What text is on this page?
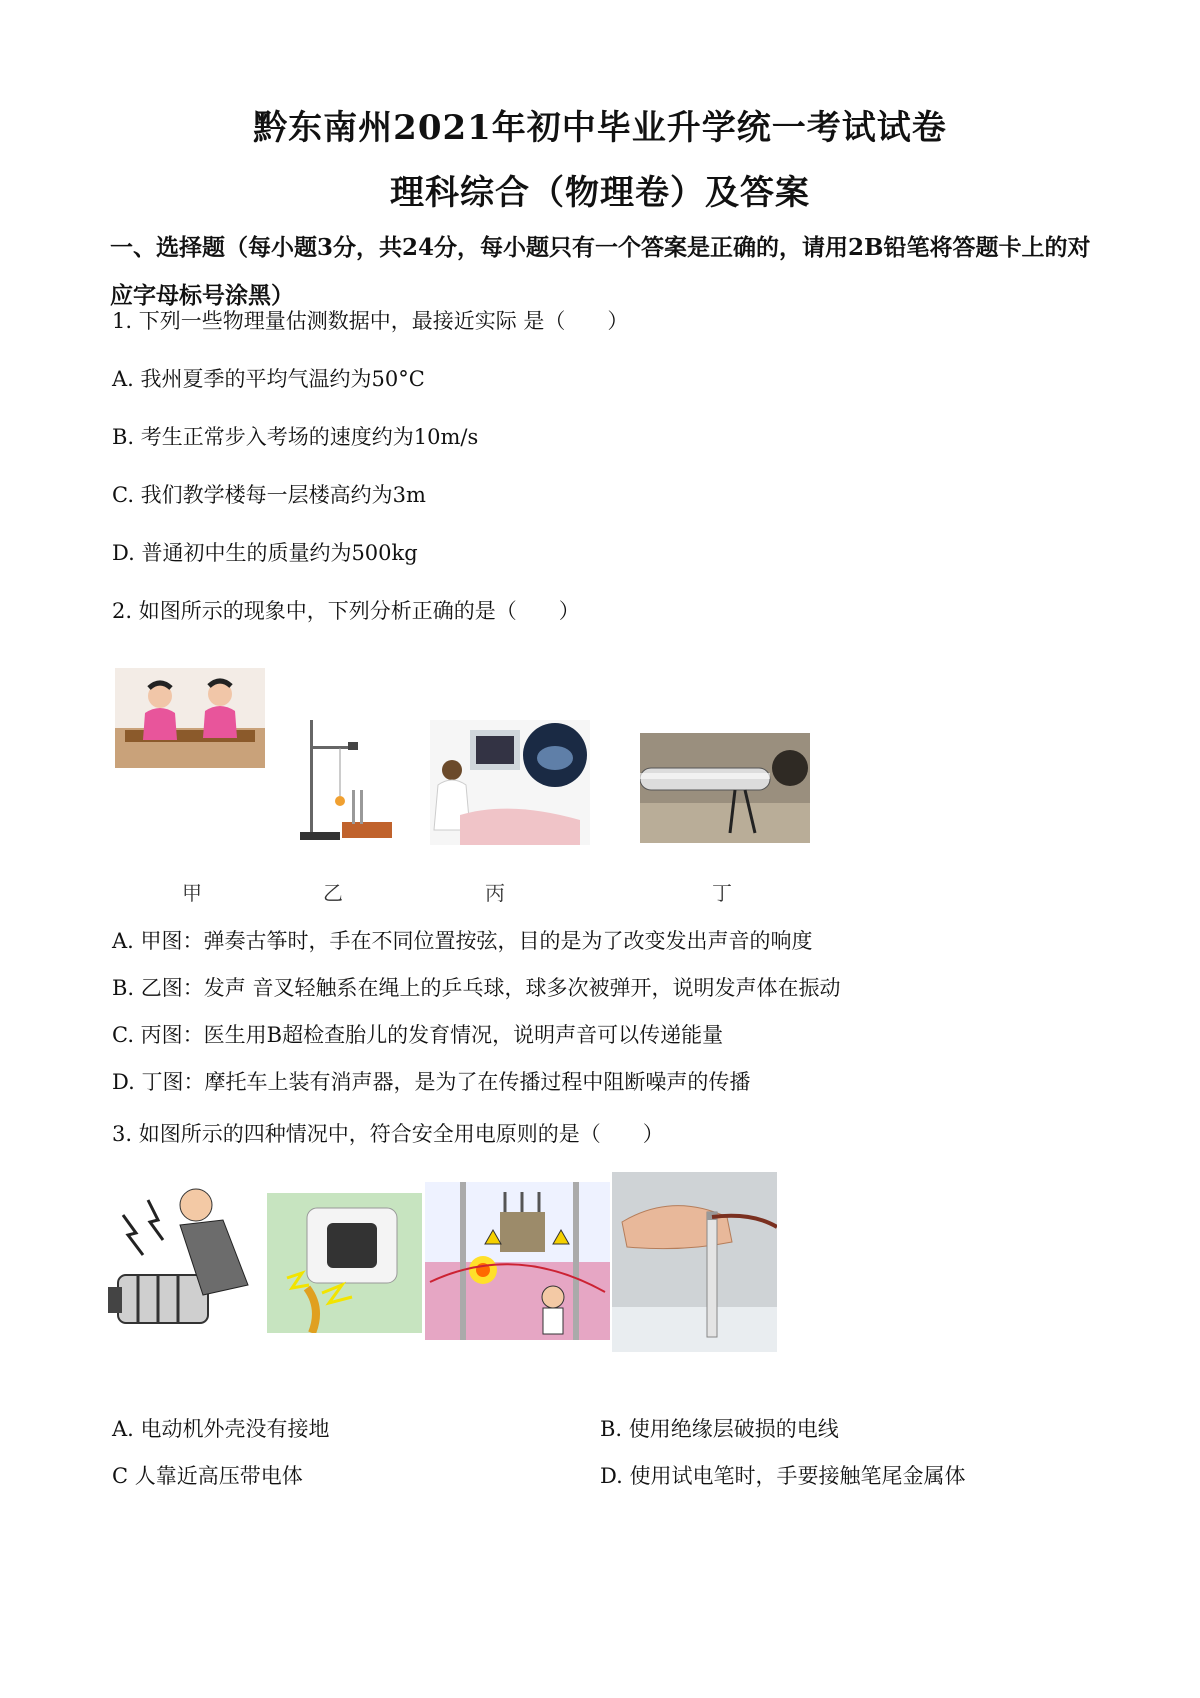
黔东南州2021年初中毕业升学统一考试试卷
理科综合（物理卷）及答案
一、选择题（每小题3分，共24分，每小题只有一个答案是正确的，请用2B铅笔将答题卡上的对应字母标号涂黑）
1. 下列一些物理量估测数据中，最接近实际 是（　　）
A. 我州夏季的平均气温约为50°C
B. 考生正常步入考场的速度约为10m/s
C. 我们教学楼每一层楼高约为3m
D. 普通初中生的质量约为500kg
2. 如图所示的现象中，下列分析正确的是（　　）
甲	乙	丙	丁
A. 甲图：弹奏古筝时，手在不同位置按弦，目的是为了改变发出声音的响度
B. 乙图：发声 音叉轻触系在绳上的乒乓球，球多次被弹开，说明发声体在振动
C. 丙图：医生用B超检查胎儿的发育情况，说明声音可以传递能量
D. 丁图：摩托车上装有消声器，是为了在传播过程中阻断噪声的传播
3. 如图所示的四种情况中，符合安全用电原则的是（　　）
A. 电动机外壳没有接地	B. 使用绝缘层破损的电线
C 人靠近高压带电体	D. 使用试电笔时，手要接触笔尾金属体
